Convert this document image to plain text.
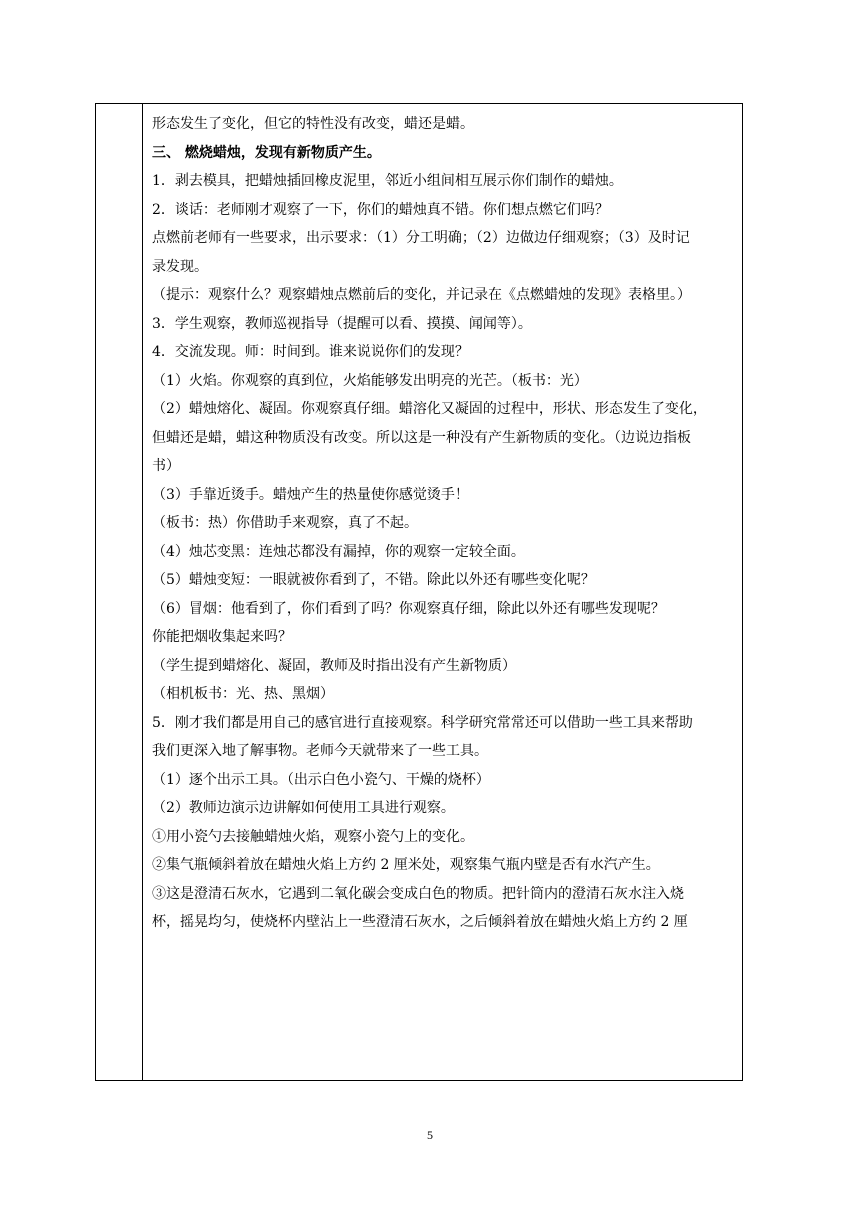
形态发生了变化，但它的特性没有改变，蜡还是蜡。

三、 燃烧蜡烛，发现有新物质产生。

1．剥去模具，把蜡烛插回橡皮泥里，邻近小组间相互展示你们制作的蜡烛。

2．谈话：老师刚才观察了一下，你们的蜡烛真不错。你们想点燃它们吗？

点燃前老师有一些要求，出示要求：（1）分工明确；（2）边做边仔细观察；（3）及时记

录发现。

（提示：观察什么？观察蜡烛点燃前后的变化，并记录在《点燃蜡烛的发现》表格里。）

3．学生观察，教师巡视指导（提醒可以看、摸摸、闻闻等）。

4．交流发现。师：时间到。谁来说说你们的发现？

（1）火焰。你观察的真到位，火焰能够发出明亮的光芒。（板书：光）

（2）蜡烛熔化、凝固。你观察真仔细。蜡溶化又凝固的过程中，形状、形态发生了变化，

但蜡还是蜡，蜡这种物质没有改变。所以这是一种没有产生新物质的变化。（边说边指板

书）

（3）手靠近烫手。蜡烛产生的热量使你感觉烫手！

（板书：热）你借助手来观察，真了不起。

（4）烛芯变黑：连烛芯都没有漏掉，你的观察一定较全面。

（5）蜡烛变短：一眼就被你看到了，不错。除此以外还有哪些变化呢？

（6）冒烟：他看到了，你们看到了吗？你观察真仔细，除此以外还有哪些发现呢？

你能把烟收集起来吗？

（学生提到蜡熔化、凝固，教师及时指出没有产生新物质）

（相机板书：光、热、黑烟）

5．刚才我们都是用自己的感官进行直接观察。科学研究常常还可以借助一些工具来帮助

我们更深入地了解事物。老师今天就带来了一些工具。

（1）逐个出示工具。（出示白色小瓷勺、干燥的烧杯）

（2）教师边演示边讲解如何使用工具进行观察。

①用小瓷勺去接触蜡烛火焰，观察小瓷勺上的变化。

②集气瓶倾斜着放在蜡烛火焰上方约 2 厘米处，观察集气瓶内壁是否有水汽产生。

③这是澄清石灰水，它遇到二氧化碳会变成白色的物质。把针筒内的澄清石灰水注入烧

杯，摇晃均匀，使烧杯内壁沾上一些澄清石灰水，之后倾斜着放在蜡烛火焰上方约 2 厘

5
